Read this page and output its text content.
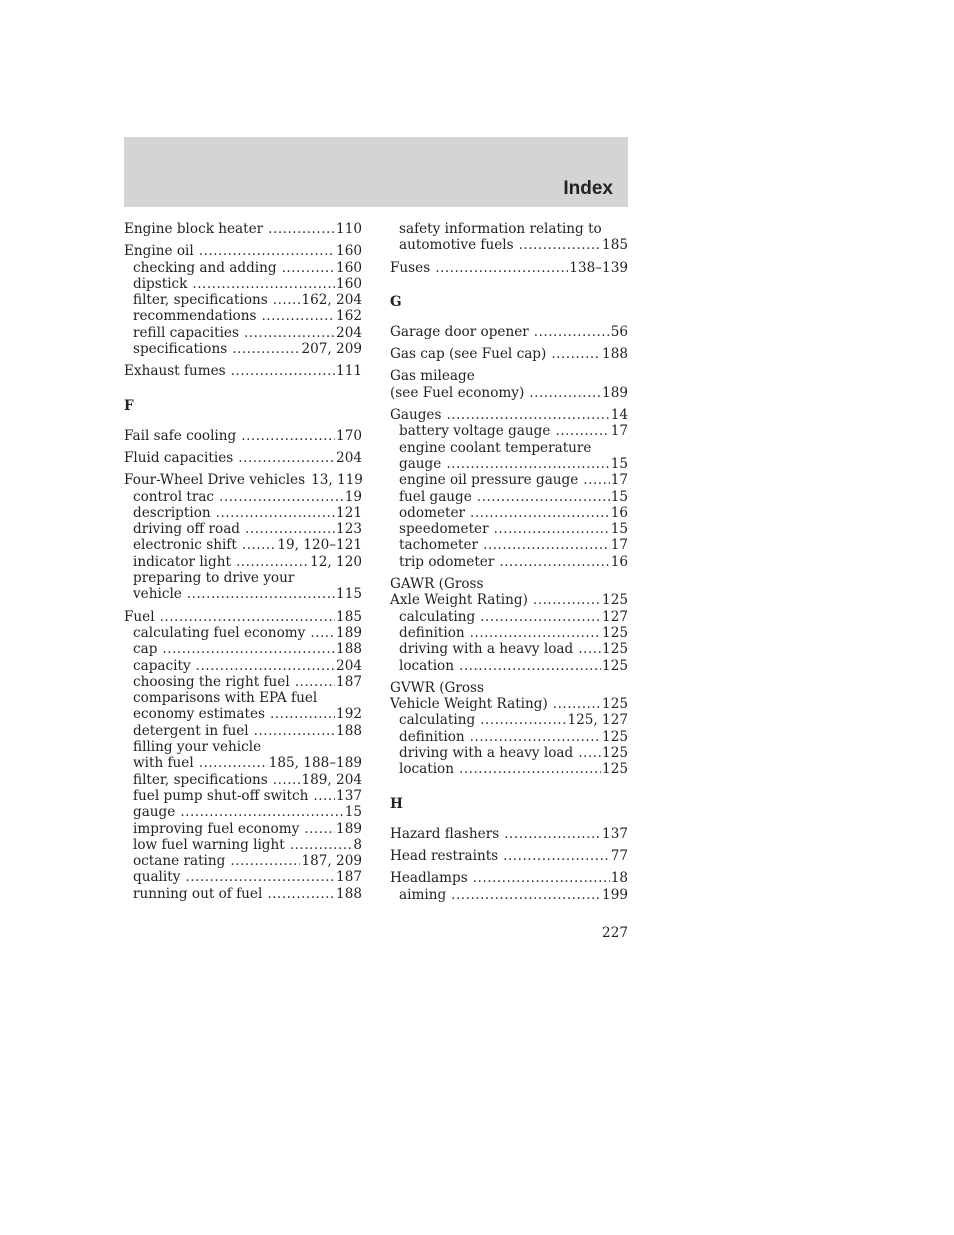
Index
Engine block heater .....	110
Engine oil .....	160
checking and adding .....	160
dipstick .....	160
filter, specifications ..... 162, 204
recommendations .....	162
refill capacities .....	204
specifications .....	207, 209
Exhaust fumes .....	111
F
Fail safe cooling .....	170
Fluid capacities .....	204
Four-Wheel Drive vehicles 13, 119
control trac .....	19
description .....	121
driving off road .....	123
electronic shift .....	19, 120–121
indicator light .....	12, 120
preparing to drive your
vehicle .....	115
Fuel .....	185
calculating fuel economy ..... 189
cap .....	188
capacity .....	204
choosing the right fuel .....	187
comparisons with EPA fuel
economy estimates .....	192
detergent in fuel .....	188
filling your vehicle
with fuel .....	185, 188–189
filter, specifications ..... 189, 204
fuel pump shut-off switch ..... 137
gauge .....	15
improving fuel economy .....	189
low fuel warning light .....	8
octane rating .....	187, 209
quality .....	187
running out of fuel .....	188
safety information relating to
automotive fuels .....	185
Fuses .....	138–139
G
Garage door opener .....	56
Gas cap (see Fuel cap) .....	188
Gas mileage
(see Fuel economy) .....	189
Gauges .....	14
battery voltage gauge .....	17
engine coolant temperature
gauge .....	15
engine oil pressure gauge ..... 17
fuel gauge .....	15
odometer .....	16
speedometer .....	15
tachometer .....	17
trip odometer .....	16
GAWR (Gross
Axle Weight Rating) .....	125
calculating .....	127
definition .....	125
driving with a heavy load ..... 125
location .....	125
GVWR (Gross
Vehicle Weight Rating) .....	125
calculating .....	125, 127
definition .....	125
driving with a heavy load ..... 125
location .....	125
H
Hazard flashers .....	137
Head restraints .....	77
Headlamps .....	18
aiming .....	199
227
